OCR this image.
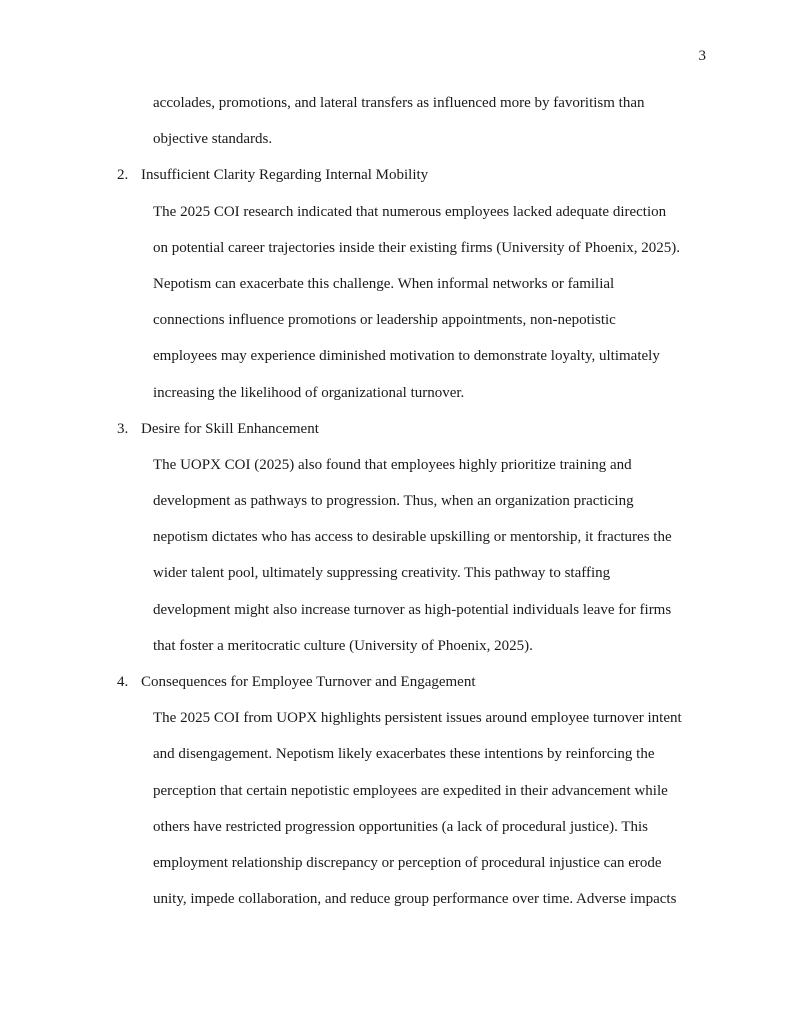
3
accolades, promotions, and lateral transfers as influenced more by favoritism than
objective standards.
2. Insufficient Clarity Regarding Internal Mobility
The 2025 COI research indicated that numerous employees lacked adequate direction
on potential career trajectories inside their existing firms (University of Phoenix, 2025).
Nepotism can exacerbate this challenge. When informal networks or familial
connections influence promotions or leadership appointments, non-nepotistic
employees may experience diminished motivation to demonstrate loyalty, ultimately
increasing the likelihood of organizational turnover.
3. Desire for Skill Enhancement
The UOPX COI (2025) also found that employees highly prioritize training and
development as pathways to progression. Thus, when an organization practicing
nepotism dictates who has access to desirable upskilling or mentorship, it fractures the
wider talent pool, ultimately suppressing creativity. This pathway to staffing
development might also increase turnover as high-potential individuals leave for firms
that foster a meritocratic culture (University of Phoenix, 2025).
4. Consequences for Employee Turnover and Engagement
The 2025 COI from UOPX highlights persistent issues around employee turnover intent
and disengagement. Nepotism likely exacerbates these intentions by reinforcing the
perception that certain nepotistic employees are expedited in their advancement while
others have restricted progression opportunities (a lack of procedural justice). This
employment relationship discrepancy or perception of procedural injustice can erode
unity, impede collaboration, and reduce group performance over time. Adverse impacts
